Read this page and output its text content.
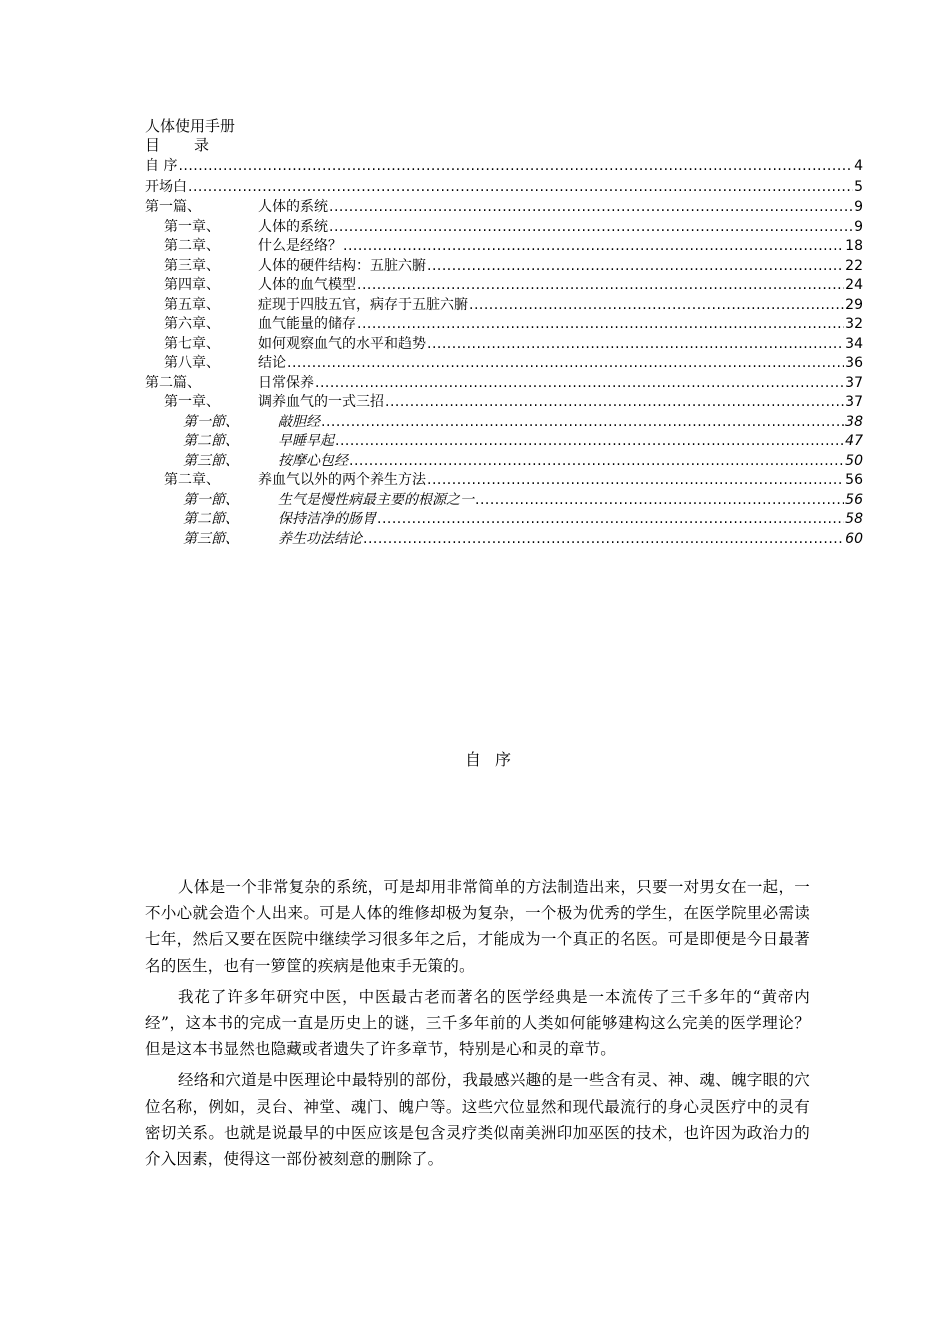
人体使用手册
目 录
自 序 .....	4
开场白 .....	5
第一篇、	人体的系统 .....	9
第一章、	人体的系统 .....	9
第二章、	什么是经络？ .....	18
第三章、	人体的硬件结构：五脏六腑 .....	22
第四章、	人体的血气模型 .....	24
第五章、	症现于四肢五官，病存于五脏六腑 .....	29
第六章、	血气能量的储存 .....	32
第七章、	如何观察血气的水平和趋势 .....	34
第八章、	结论 .....	36
第二篇、	日常保养 .....	37
第一章、	调养血气的一式三招 .....	37
第一節、	敲胆经 .....	38
第二節、	早睡早起 .....	47
第三節、	按摩心包经 .....	50
第二章、	养血气以外的两个养生方法 .....	56
第一節、	生气是慢性病最主要的根源之一 .....	56
第二節、	保持洁净的肠胃 .....	58
第三節、	养生功法结论 .....	60
自序

人体是一个非常复杂的系统，可是却用非常简单的方法制造出来，只要一对男女在一起，一不小心就会造个人出来。可是人体的维修却极为复杂，一个极为优秀的学生，在医学院里必需读七年，然后又要在医院中继续学习很多年之后，才能成为一个真正的名医。可是即便是今日最著名的医生，也有一箩筐的疾病是他束手无策的。

我花了许多年研究中医，中医最古老而著名的医学经典是一本流传了三千多年的“黄帝内经”，这本书的完成一直是历史上的谜，三千多年前的人类如何能够建构这么完美的医学理论？但是这本书显然也隐藏或者遗失了许多章节，特别是心和灵的章节。

经络和穴道是中医理论中最特别的部份，我最感兴趣的是一些含有灵、神、魂、魄字眼的穴位名称，例如，灵台、神堂、魂门、魄户等。这些穴位显然和现代最流行的身心灵医疗中的灵有密切关系。也就是说最早的中医应该是包含灵疗类似南美洲印加巫医的技术，也许因为政治力的介入因素，使得这一部份被刻意的删除了。
